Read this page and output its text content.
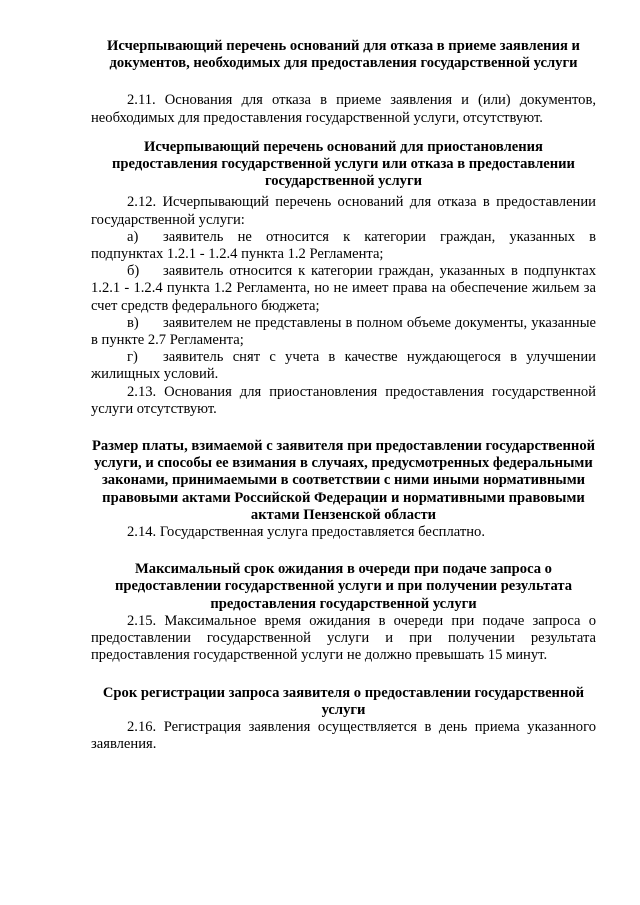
Исчерпывающий перечень оснований для отказа в приеме заявления и документов, необходимых для предоставления государственной услуги

2.11. Основания для отказа в приеме заявления и (или) документов, необходимых для предоставления государственной услуги, отсутствуют.

Исчерпывающий перечень оснований для приостановления предоставления государственной услуги или отказа в предоставлении государственной услуги

2.12. Исчерпывающий перечень оснований для отказа в предоставлении государственной услуги:

а) заявитель не относится к категории граждан, указанных в подпунктах 1.2.1 - 1.2.4 пункта 1.2 Регламента;

б) заявитель относится к категории граждан, указанных в подпунктах 1.2.1 - 1.2.4 пункта 1.2 Регламента, но не имеет права на обеспечение жильем за счет средств федерального бюджета;

в) заявителем не представлены в полном объеме документы, указанные в пункте 2.7 Регламента;

г) заявитель снят с учета в качестве нуждающегося в улучшении жилищных условий.

2.13. Основания для приостановления предоставления государственной услуги отсутствуют.

Размер платы, взимаемой с заявителя при предоставлении государственной услуги, и способы ее взимания в случаях, предусмотренных федеральными законами, принимаемыми в соответствии с ними иными нормативными правовыми актами Российской Федерации и нормативными правовыми актами Пензенской области

2.14. Государственная услуга предоставляется бесплатно.

Максимальный срок ожидания в очереди при подаче запроса о предоставлении государственной услуги и при получении результата предоставления государственной услуги

2.15. Максимальное время ожидания в очереди при подаче запроса о предоставлении государственной услуги и при получении результата предоставления государственной услуги не должно превышать 15 минут.

Срок регистрации запроса заявителя о предоставлении государственной услуги

2.16. Регистрация заявления осуществляется в день приема указанного заявления.
